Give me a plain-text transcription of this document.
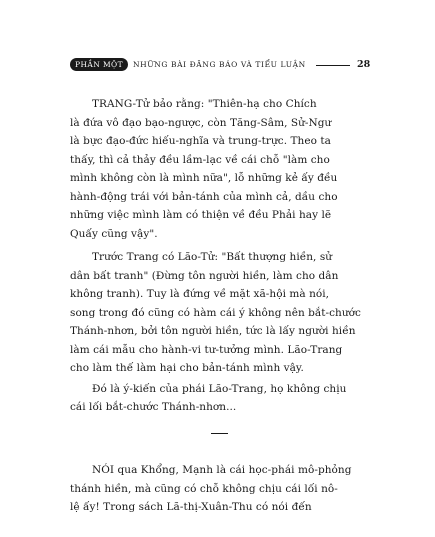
PHẦN MỘT	NHỮNG BÀI ĐĂNG BÁO VÀ TIỂU LUẬN	28
TRANG-Tử bảo rằng: "Thiên-hạ cho Chích
là đứa vô đạo bạo-ngược, còn Tăng-Sâm, Sử-Ngư
là bực đạo-đức hiếu-nghĩa và trung-trực. Theo ta
thấy, thì cả thảy đều lầm-lạc về cái chỗ "làm cho
mình không còn là mình nữa", lỗ những kẻ ấy đều
hành-động trái với bản-tánh của mình cả, dầu cho
những việc mình làm có thiện về đều Phải hay lẽ
Quấy cũng vậy".
Trước Trang có Lão-Tử: "Bất thượng hiền, sử
dân bất tranh" (Đừng tôn người hiền, làm cho dân
không tranh). Tuy là đứng về mặt xã-hội mà nói,
song trong đó cũng có hàm cái ý không nên bắt-chước
Thánh-nhơn, bởi tôn người hiền, tức là lấy người hiền
làm cái mẫu cho hành-vi tư-tưởng mình. Lão-Trang
cho làm thế làm hại cho bản-tánh mình vậy.
Đó là ý-kiến của phái Lão-Trang, họ không chịu
cái lối bắt-chước Thánh-nhơn...
NÓI qua Khổng, Mạnh là cái học-phái mô-phỏng
thánh hiền, mà cũng có chỗ không chịu cái lối nô-
lệ ấy! Trong sách Lã-thị-Xuân-Thu có nói đến
